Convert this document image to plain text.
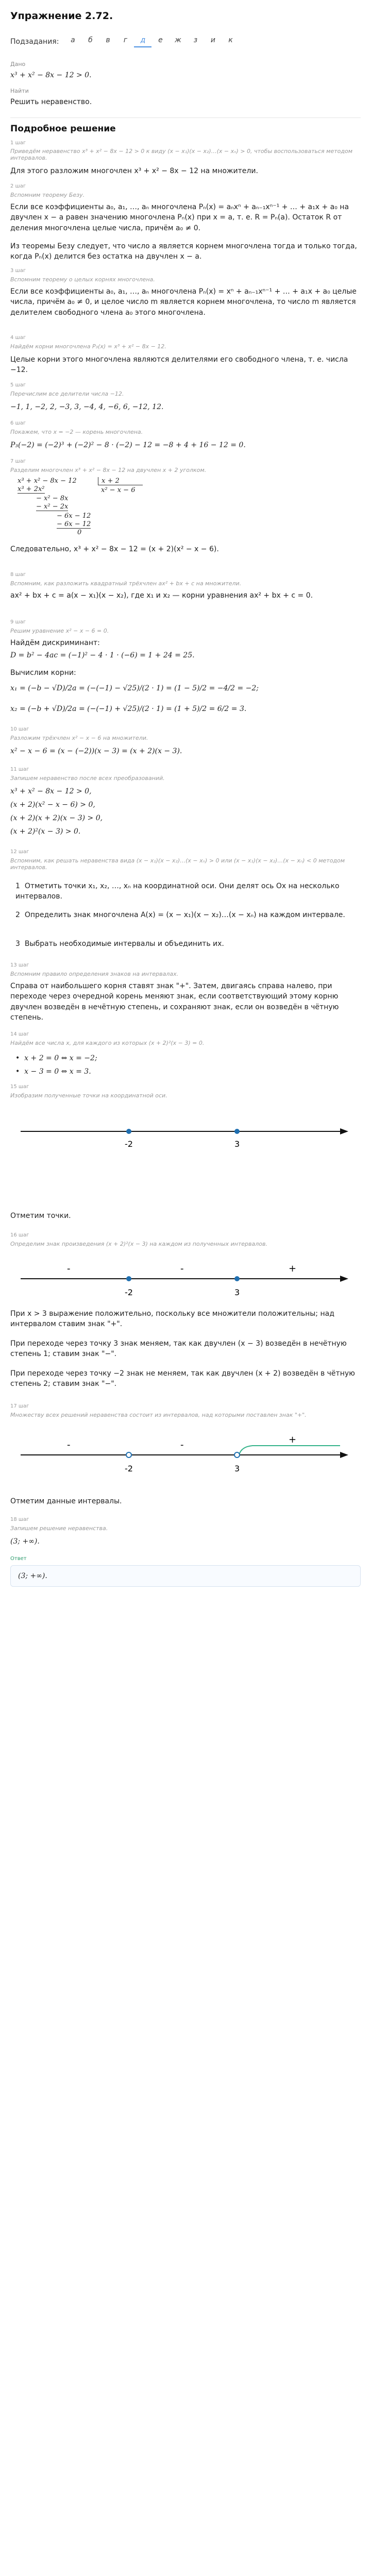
Упражнение 2.72.
Подзадания :	а	б	в	г	д	е	ж	з	и	к
Дано
x³ + x² − 8x − 12 > 0.
Найти
Решить неравенство.
Подробное решение
1 шаг
Приведём неравенство x³ + x² − 8x − 12 > 0 к виду (x − x₁)(x − x₂)…(x − xₙ) > 0, чтобы воспользоваться методом интервалов.
Для этого разложим многочлен x³ + x² − 8x − 12 на множители.
2 шаг
Вспомним теорему Безу.
Если все коэффициенты a₀, a₁, …, aₙ многочлена Pₙ(x) = aₙxⁿ + aₙ₋₁xⁿ⁻¹ + … + a₁x + a₀ на двучлен x − a равен значению многочлена Pₙ(x) при x = a, т. е. R = Pₙ(a). Остаток R от деления многочлена целые числа, причём a₀ ≠ 0.
Из теоремы Безу следует, что число a является корнем многочлена тогда и только тогда, когда Pₙ(x) делится без остатка на двучлен x − a.
3 шаг
Вспомним теорему о целых корнях многочлена.
Если все коэффициенты a₀, a₁, …, aₙ многочлена Pₙ(x) = xⁿ + aₙ₋₁xⁿ⁻¹ + … + a₁x + a₀ целые числа, причём a₀ ≠ 0, и целое число m является корнем многочлена, то число m является делителем свободного члена a₀ этого многочлена.
4 шаг
Найдём корни многочлена P₃(x) = x³ + x² − 8x − 12.
Целые корни этого многочлена являются делителями его свободного члена, т. е. числа −12.
5 шаг
Перечислим все делители числа −12.
−1, 1, −2, 2, −3, 3, −4, 4, −6, 6, −12, 12.
6 шаг
Покажем, что x = −2 — корень многочлена.
P₃(−2) = (−2)³ + (−2)² − 8 · (−2) − 12 = −8 + 4 + 16 − 12 = 0.
7 шаг
Разделим многочлен x³ + x² − 8x − 12 на двучлен x + 2 уголком.
x³ + x² − 8x − 12
x³ + 2x²
− x² − 8x
− x² − 2x
− 6x − 12
− 6x − 12
0
x + 2
x² − x − 6
Следовательно, x³ + x² − 8x − 12 = (x + 2)(x² − x − 6).
8 шаг
Вспомним, как разложить квадратный трёхчлен ax² + bx + c на множители.
ax² + bx + c = a(x − x₁)(x − x₂), где x₁ и x₂ — корни уравнения ax² + bx + c = 0.
9 шаг
Решим уравнение x² − x − 6 = 0.
Найдём дискриминант:
D = b² − 4ac = (−1)² − 4 · 1 · (−6) = 1 + 24 = 25.
Вычислим корни:
x₁ = (−b − √D)/2a = (−(−1) − √25)/(2 · 1) = (1 − 5)/2 = −4/2 = −2;
x₂ = (−b + √D)/2a = (−(−1) + √25)/(2 · 1) = (1 + 5)/2 = 6/2 = 3.
10 шаг
Разложим трёхчлен x² − x − 6 на множители.
x² − x − 6 = (x − (−2))(x − 3) = (x + 2)(x − 3).
11 шаг
Запишем неравенство после всех преобразований.
x³ + x² − 8x − 12 > 0,
(x + 2)(x² − x − 6) > 0,
(x + 2)(x + 2)(x − 3) > 0,
(x + 2)²(x − 3) > 0.
12 шаг
Вспомним, как решать неравенства вида (x − x₁)(x − x₂)…(x − xₙ) > 0 или (x − x₁)(x − x₂)…(x − xₙ) < 0 методом интервалов.
1  Отметить точки x₁, x₂, …, xₙ на координатной оси. Они делят ось Ox на несколько интервалов.
2  Определить знак многочлена A(x) = (x − x₁)(x − x₂)…(x − xₙ) на каждом интервале.
3  Выбрать необходимые интервалы и объединить их.
13 шаг
Вспомним правило определения знаков на интервалах.
Справа от наибольшего корня ставят знак "+". Затем, двигаясь справа налево, при переходе через очередной корень меняют знак, если соответствующий этому корню двучлен возведён в нечётную степень, и сохраняют знак, если он возведён в чётную степень.
14 шаг
Найдём все числа x, для каждого из которых (x + 2)²(x − 3) = 0.
•  x + 2 = 0 ⇔ x = −2;
•  x − 3 = 0 ⇔ x = 3.
15 шаг
Изобразим полученные точки на координатной оси.
-2	3
Отметим точки.
16 шаг
Определим знак произведения (x + 2)²(x − 3) на каждом из полученных интервалов.
-2	3
-	-	+
При x > 3 выражение положительно, поскольку все множители положительны; над интервалом ставим знак "+".
При переходе через точку 3 знак меняем, так как двучлен (x − 3) возведён в нечётную степень 1; ставим знак "−".
При переходе через точку −2 знак не меняем, так как двучлен (x + 2) возведён в чётную степень 2; ставим знак "−".
17 шаг
Множеству всех решений неравенства состоит из интервалов, над которыми поставлен знак "+".
-2	3
-	-	+
Отметим данные интервалы.
18 шаг
Запишем решение неравенства.
(3; +∞).
Ответ
(3; +∞).
